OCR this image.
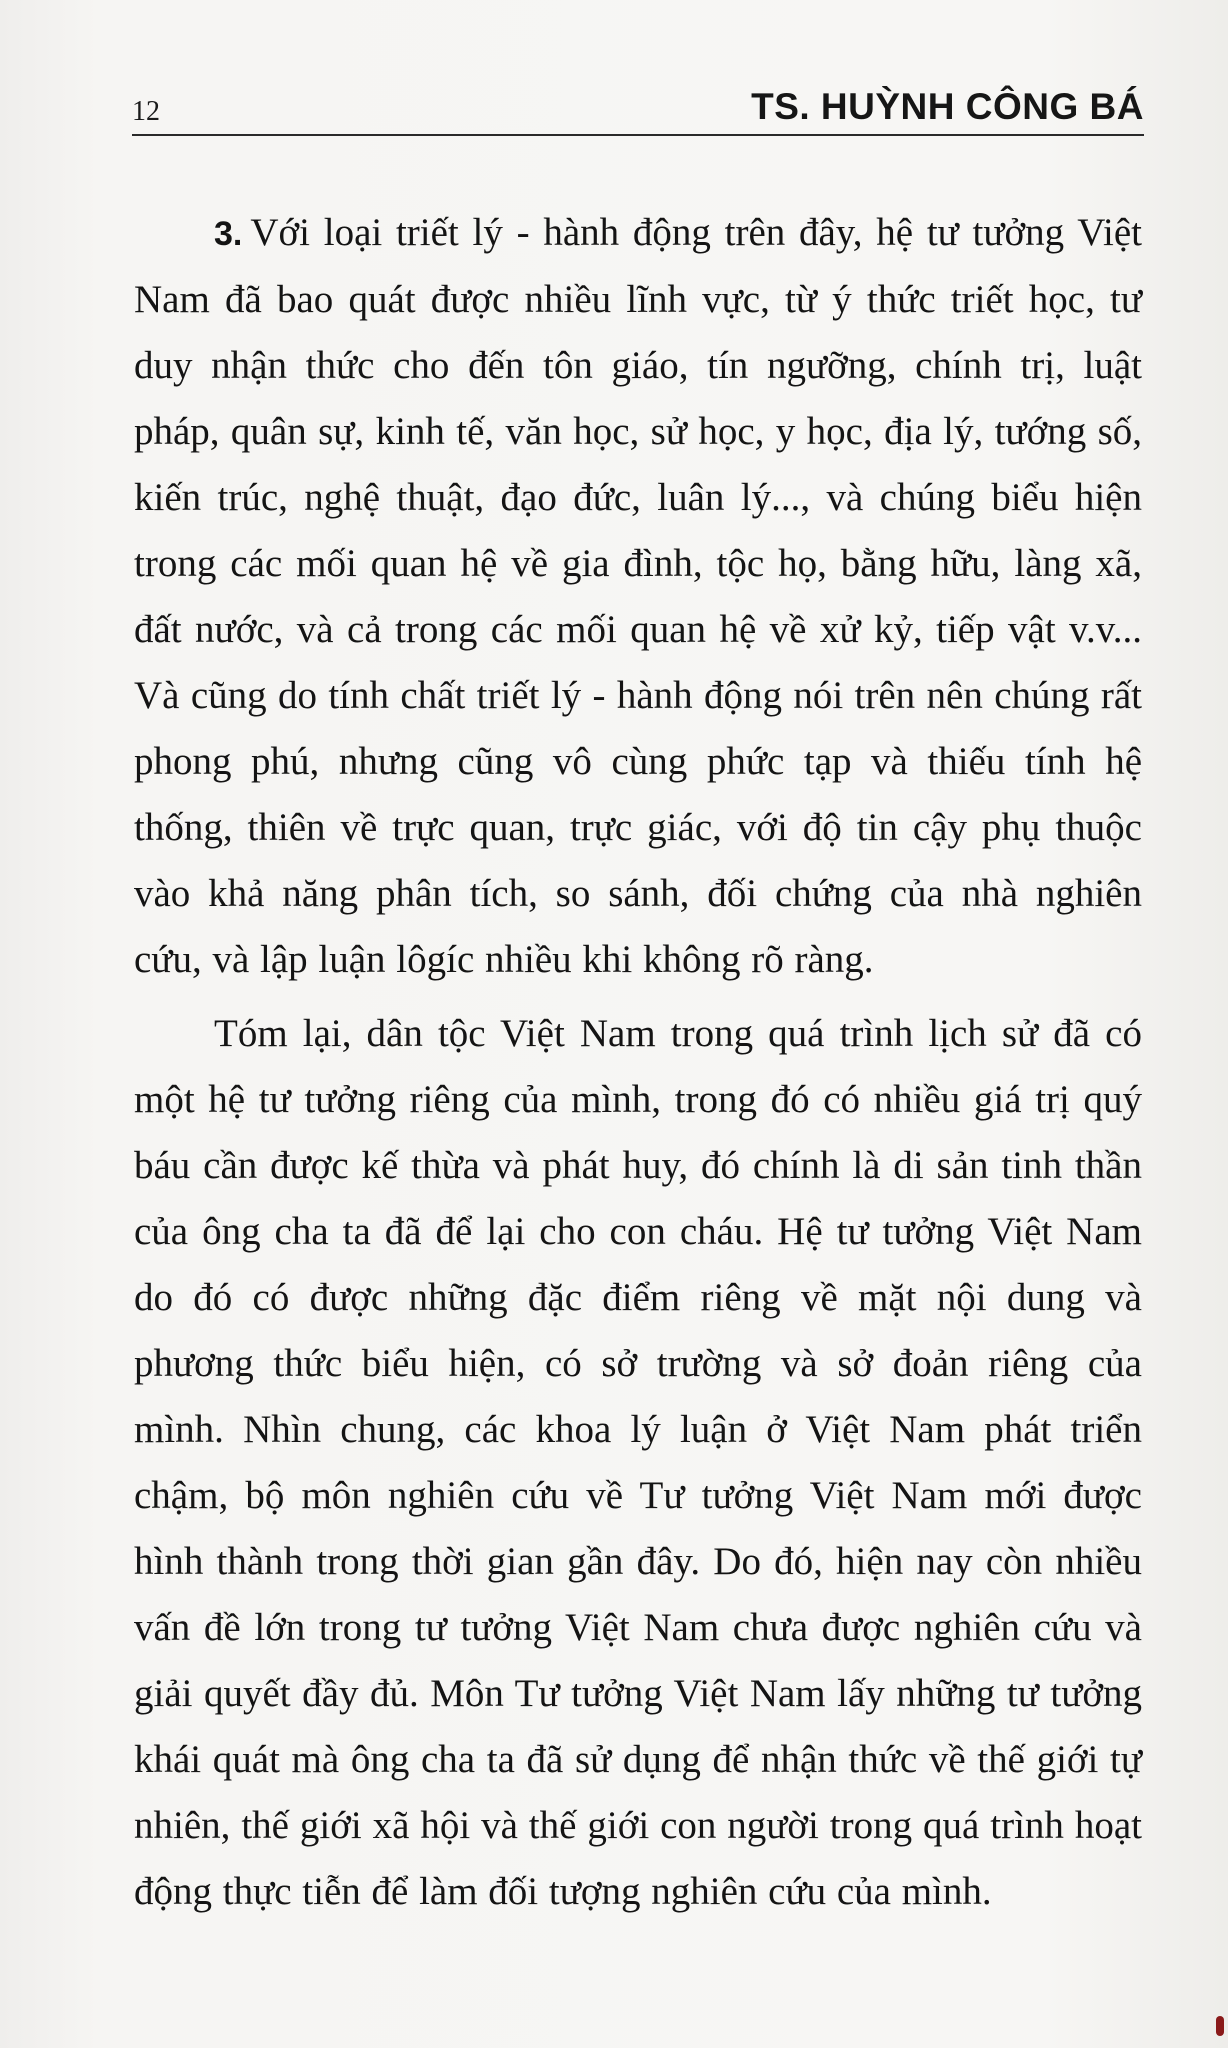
12	TS. HUỲNH CÔNG BÁ

3. Với loại triết lý - hành động trên đây, hệ tư tưởng Việt Nam đã bao quát được nhiều lĩnh vực, từ ý thức triết học, tư duy nhận thức cho đến tôn giáo, tín ngưỡng, chính trị, luật pháp, quân sự, kinh tế, văn học, sử học, y học, địa lý, tướng số, kiến trúc, nghệ thuật, đạo đức, luân lý..., và chúng biểu hiện trong các mối quan hệ về gia đình, tộc họ, bằng hữu, làng xã, đất nước, và cả trong các mối quan hệ về xử kỷ, tiếp vật v.v... Và cũng do tính chất triết lý - hành động nói trên nên chúng rất phong phú, nhưng cũng vô cùng phức tạp và thiếu tính hệ thống, thiên về trực quan, trực giác, với độ tin cậy phụ thuộc vào khả năng phân tích, so sánh, đối chứng của nhà nghiên cứu, và lập luận lôgíc nhiều khi không rõ ràng.

Tóm lại, dân tộc Việt Nam trong quá trình lịch sử đã có một hệ tư tưởng riêng của mình, trong đó có nhiều giá trị quý báu cần được kế thừa và phát huy, đó chính là di sản tinh thần của ông cha ta đã để lại cho con cháu. Hệ tư tưởng Việt Nam do đó có được những đặc điểm riêng về mặt nội dung và phương thức biểu hiện, có sở trường và sở đoản riêng của mình. Nhìn chung, các khoa lý luận ở Việt Nam phát triển chậm, bộ môn nghiên cứu về Tư tưởng Việt Nam mới được hình thành trong thời gian gần đây. Do đó, hiện nay còn nhiều vấn đề lớn trong tư tưởng Việt Nam chưa được nghiên cứu và giải quyết đầy đủ. Môn Tư tưởng Việt Nam lấy những tư tưởng khái quát mà ông cha ta đã sử dụng để nhận thức về thế giới tự nhiên, thế giới xã hội và thế giới con người trong quá trình hoạt động thực tiễn để làm đối tượng nghiên cứu của mình.
